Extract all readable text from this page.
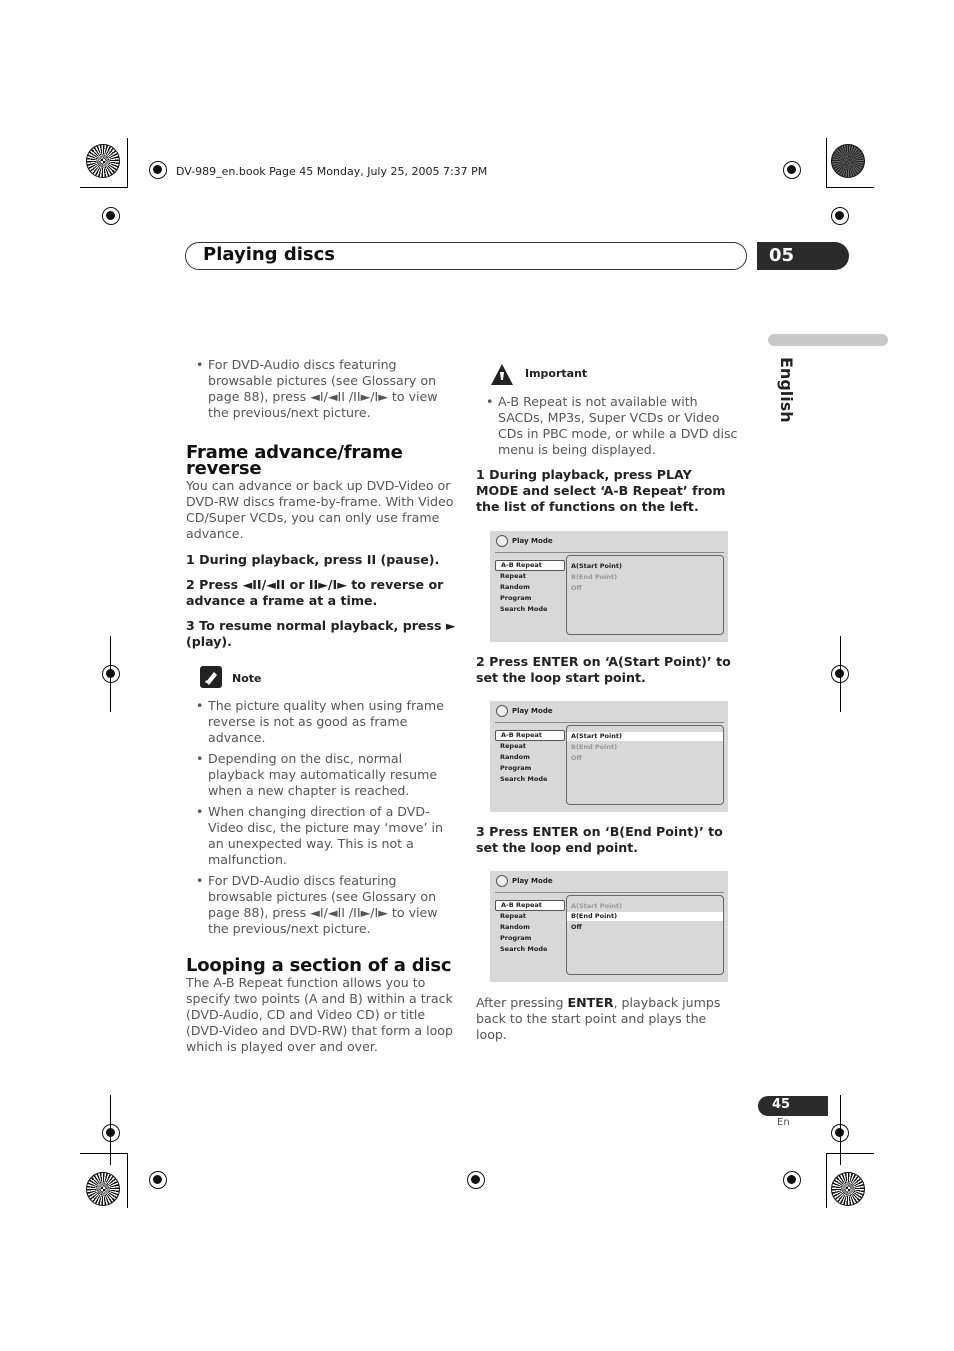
DV-989_en.book Page 45 Monday, July 25, 2005 7:37 PM
Playing discs	05
English
• For DVD-Audio discs featuring browsable pictures (see Glossary on page 88), press ◄I/◄II /II►/I► to view the previous/next picture.
Frame advance/frame reverse
You can advance or back up DVD-Video or DVD-RW discs frame-by-frame. With Video CD/Super VCDs, you can only use frame advance.
1 During playback, press II (pause).
2 Press ◄II/◄II or II►/I► to reverse or advance a frame at a time.
3 To resume normal playback, press ► (play).
Note
• The picture quality when using frame reverse is not as good as frame advance.
• Depending on the disc, normal playback may automatically resume when a new chapter is reached.
• When changing direction of a DVD-Video disc, the picture may ‘move’ in an unexpected way. This is not a malfunction.
• For DVD-Audio discs featuring browsable pictures (see Glossary on page 88), press ◄I/◄II /II►/I► to view the previous/next picture.
Looping a section of a disc
The A-B Repeat function allows you to specify two points (A and B) within a track (DVD-Audio, CD and Video CD) or title (DVD-Video and DVD-RW) that form a loop which is played over and over.
Important
• A-B Repeat is not available with SACDs, MP3s, Super VCDs or Video CDs in PBC mode, or while a DVD disc menu is being displayed.
1 During playback, press PLAY MODE and select ‘A-B Repeat’ from the list of functions on the left.
Play Mode
A-B Repeat
Repeat
Random
Program
Search Mode
A(Start Point)
B(End Point)
Off
2 Press ENTER on ‘A(Start Point)’ to set the loop start point.
Play Mode
A-B Repeat
Repeat
Random
Program
Search Mode
A(Start Point)
B(End Point)
Off
3 Press ENTER on ‘B(End Point)’ to set the loop end point.
Play Mode
A-B Repeat
Repeat
Random
Program
Search Mode
A(Start Point)
B(End Point)
Off
After pressing ENTER, playback jumps back to the start point and plays the loop.
45
En
